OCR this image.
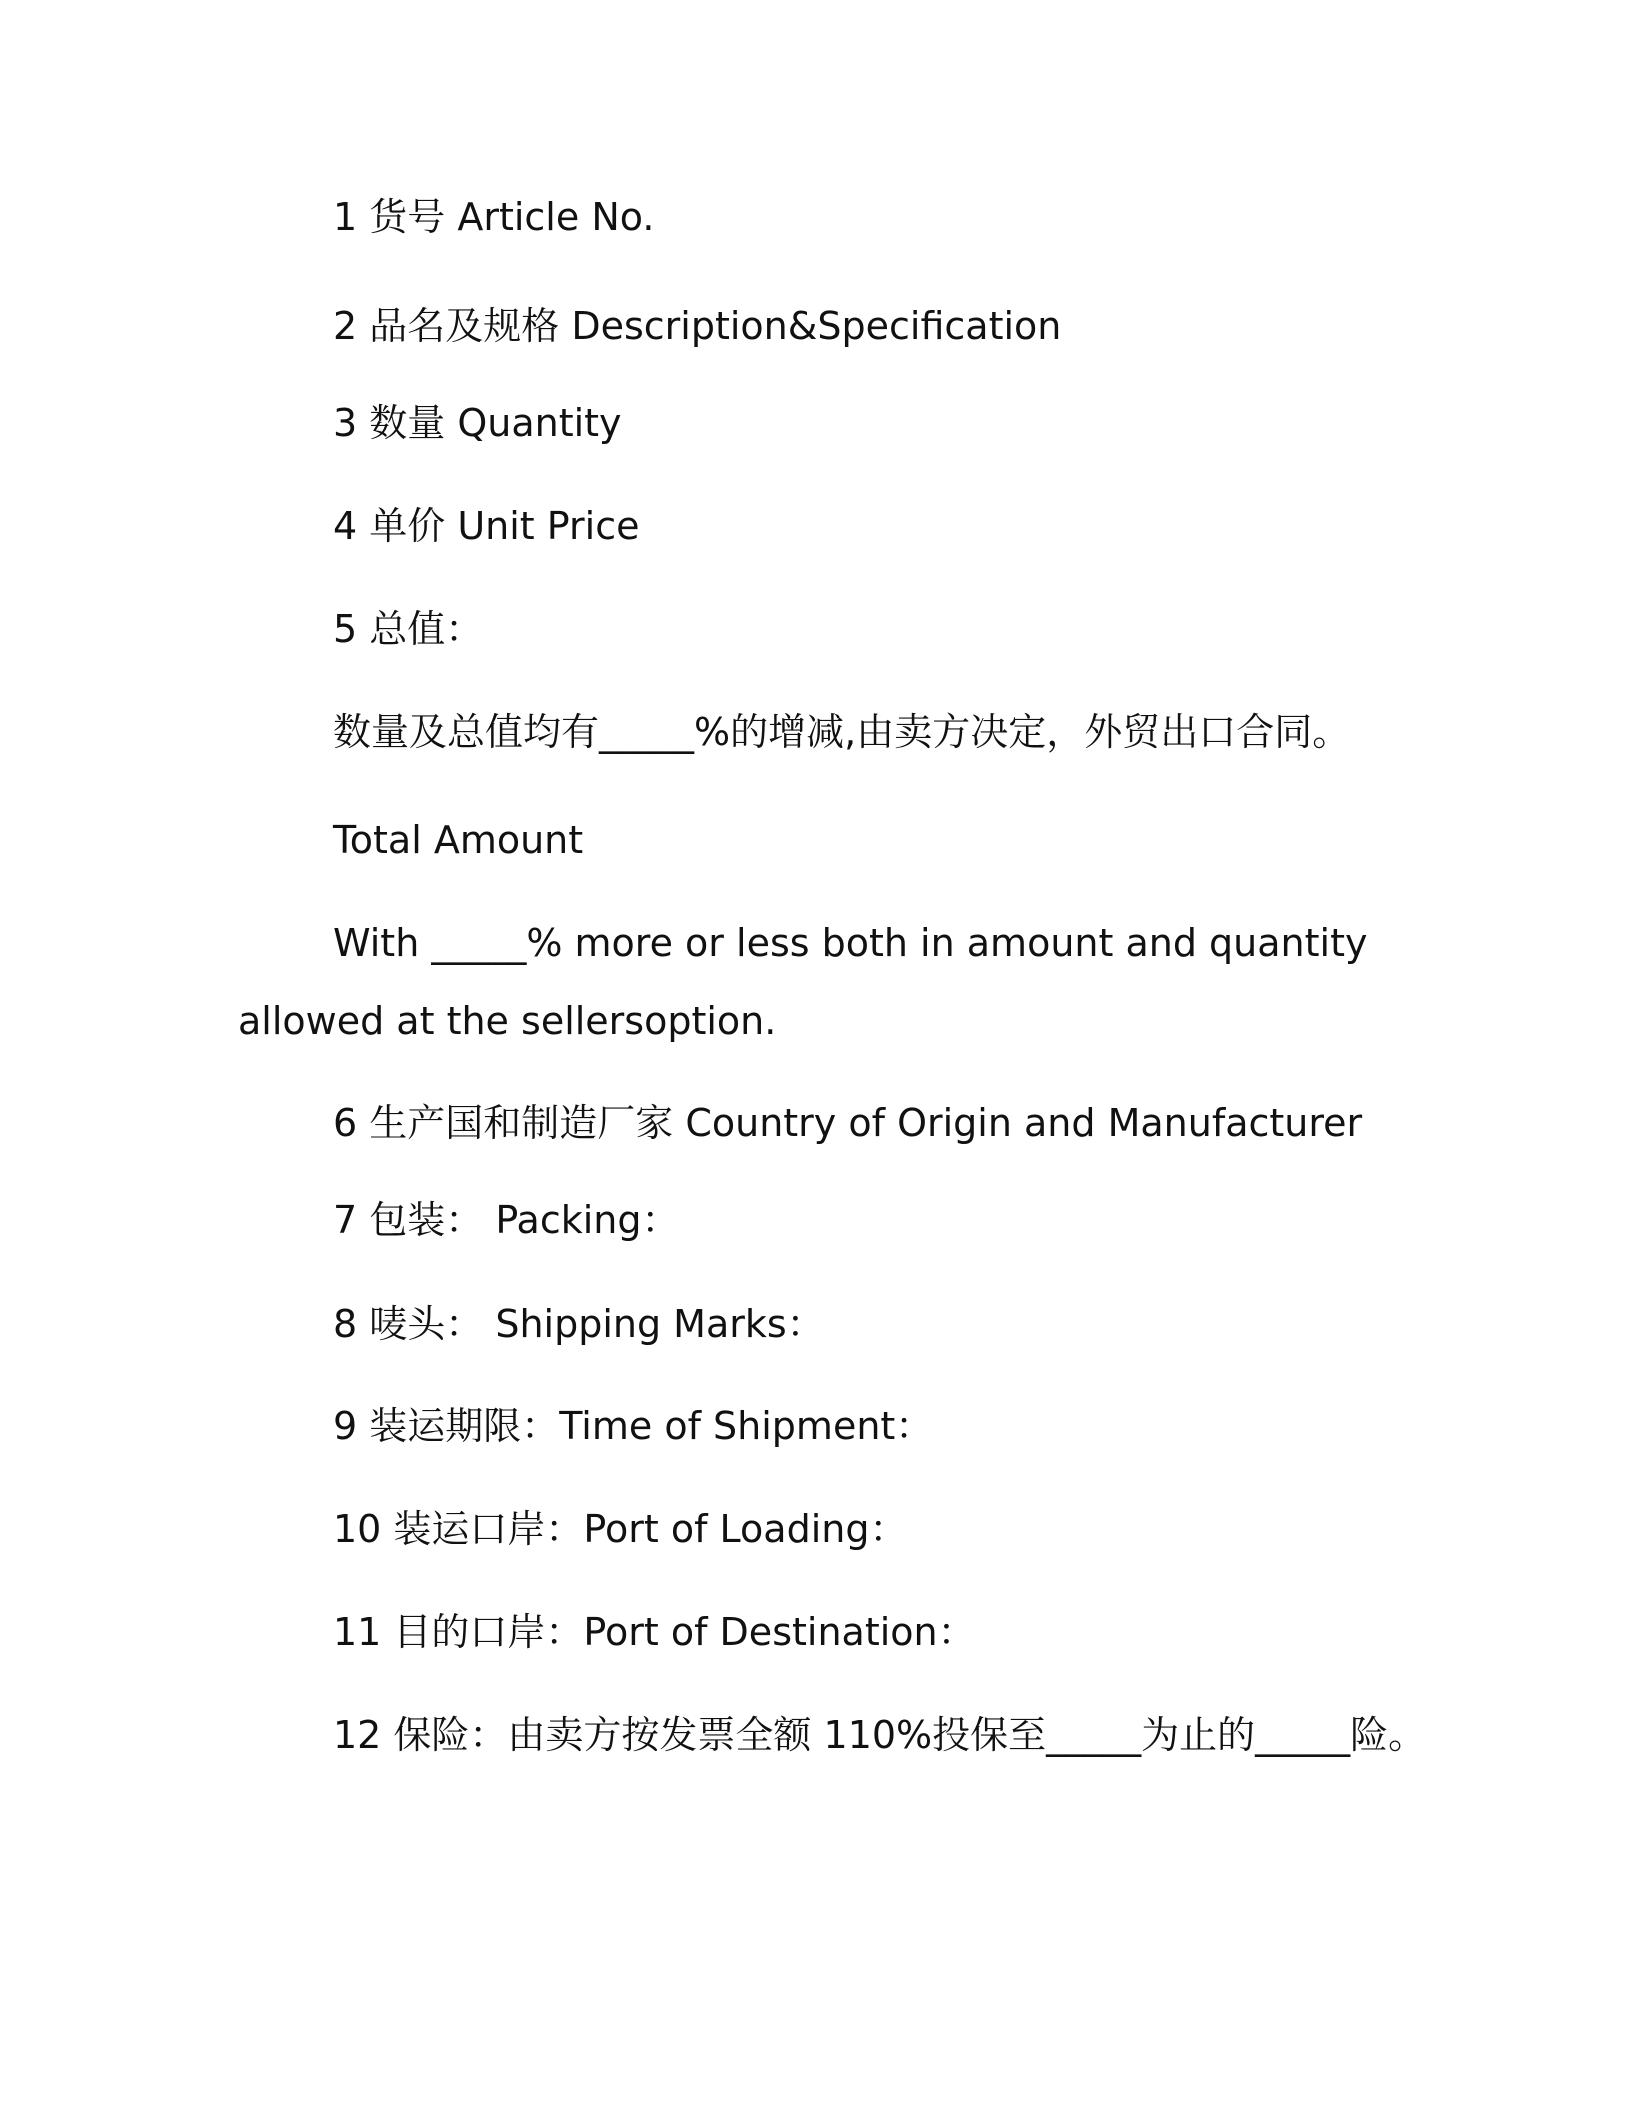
1 货号 Article No.
2 品名及规格 Description&Specification
3 数量 Quantity
4 单价 Unit Price
5 总值：
数量及总值均有_____%的增减,由卖方决定，外贸出口合同。
Total Amount
With _____% more or less both in amount and quantity
allowed at the sellersoption.
6 生产国和制造厂家 Country of Origin and Manufacturer
7 包装： Packing：
8 唛头： Shipping Marks：
9 装运期限：Time of Shipment：
10 装运口岸：Port of Loading：
11 目的口岸：Port of Destination：
12 保险：由卖方按发票全额 110%投保至_____为止的_____险。
